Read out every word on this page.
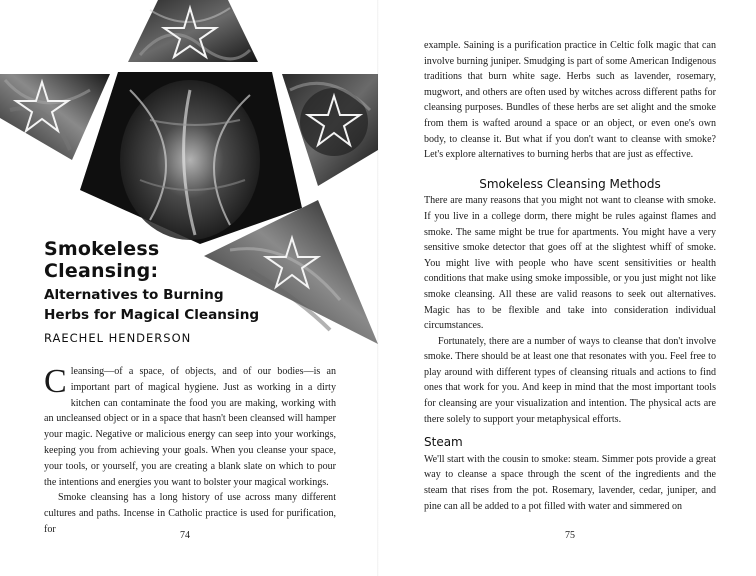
Smokeless
Cleansing:
Alternatives to Burning
Herbs for Magical Cleansing
RAECHEL HENDERSON

Cleansing—of a space, of objects, and of our bodies—is an important part of magical hygiene. Just as working in a dirty kitchen can contaminate the food you are making, working with an uncleansed object or in a space that hasn't been cleansed will hamper your magic. Negative or malicious energy can seep into your workings, keeping you from achieving your goals. When you cleanse your space, your tools, or yourself, you are creating a blank slate on which to pour the intentions and energies you want to bolster your magical workings.

Smoke cleansing has a long history of use across many different cultures and paths. Incense in Catholic practice is used for purification, for

74

example. Saining is a purification practice in Celtic folk magic that can involve burning juniper. Smudging is part of some American Indigenous traditions that burn white sage. Herbs such as lavender, rosemary, mugwort, and others are often used by witches across different paths for cleansing purposes. Bundles of these herbs are set alight and the smoke from them is wafted around a space or an object, or even one's own body, to cleanse it. But what if you don't want to cleanse with smoke? Let's explore alternatives to burning herbs that are just as effective.

Smokeless Cleansing Methods

There are many reasons that you might not want to cleanse with smoke. If you live in a college dorm, there might be rules against flames and smoke. The same might be true for apartments. You might have a very sensitive smoke detector that goes off at the slightest whiff of smoke. You might live with people who have scent sensitivities or health conditions that make using smoke impossible, or you just might not like smoke cleansing. All these are valid reasons to seek out alternatives. Magic has to be flexible and take into consideration individual circumstances.

Fortunately, there are a number of ways to cleanse that don't involve smoke. There should be at least one that resonates with you. Feel free to play around with different types of cleansing rituals and actions to find ones that work for you. And keep in mind that the most important tools for cleansing are your visualization and intention. The physical acts are there solely to support your metaphysical efforts.

Steam

We'll start with the cousin to smoke: steam. Simmer pots provide a great way to cleanse a space through the scent of the ingredients and the steam that rises from the pot. Rosemary, lavender, cedar, juniper, and pine can all be added to a pot filled with water and simmered on

75
